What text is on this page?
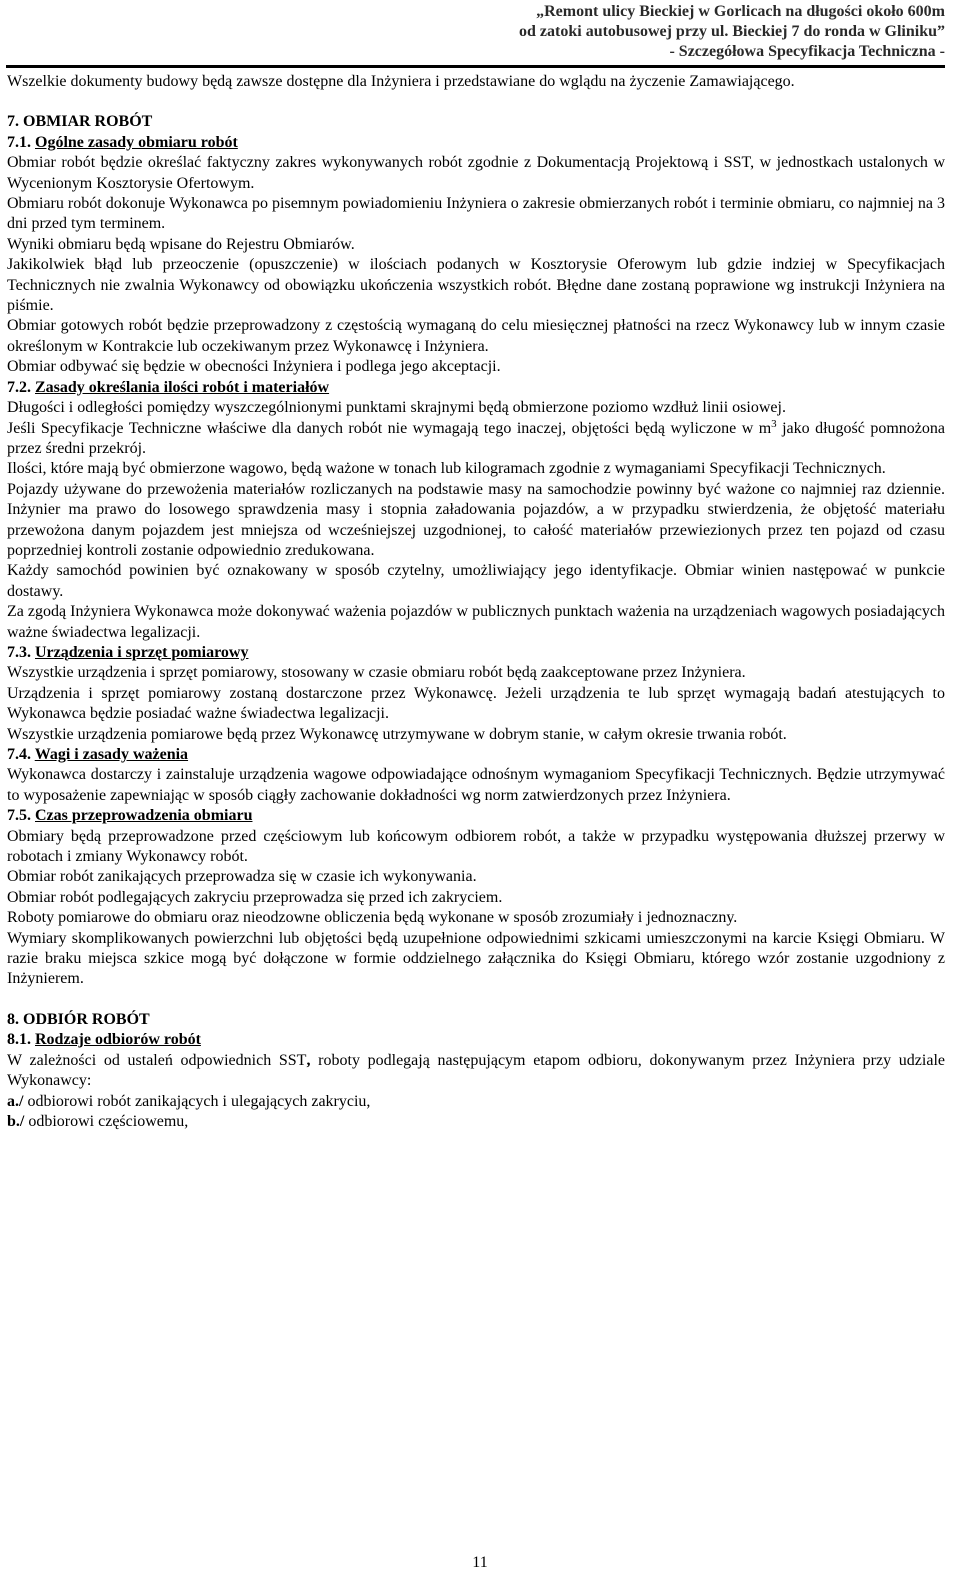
„Remont ulicy Bieckiej w Gorlicach na długości około 600m
od zatoki autobusowej przy ul. Bieckiej 7 do ronda w Gliniku”
- Szczegółowa Specyfikacja Techniczna -

Wszelkie dokumenty budowy będą zawsze dostępne dla Inżyniera i przedstawiane do wglądu na życzenie Zamawiającego.

7. OBMIAR ROBÓT

7.1. Ogólne zasady obmiaru robót

Obmiar robót będzie określać faktyczny zakres wykonywanych robót zgodnie z Dokumentacją Projektową i SST, w jednostkach ustalonych w Wycenionym Kosztorysie Ofertowym.

Obmiaru robót dokonuje Wykonawca po pisemnym powiadomieniu Inżyniera o zakresie obmierzanych robót i terminie obmiaru, co najmniej na 3 dni przed tym terminem.

Wyniki obmiaru będą wpisane do Rejestru Obmiarów.

Jakikolwiek błąd lub przeoczenie (opuszczenie) w ilościach podanych w Kosztorysie Oferowym lub gdzie indziej w Specyfikacjach Technicznych nie zwalnia Wykonawcy od obowiązku ukończenia wszystkich robót. Błędne dane zostaną poprawione wg instrukcji Inżyniera na piśmie.

Obmiar gotowych robót będzie przeprowadzony z częstością wymaganą do celu miesięcznej płatności na rzecz Wykonawcy lub w innym czasie określonym w Kontrakcie lub oczekiwanym przez Wykonawcę i Inżyniera.

Obmiar odbywać się będzie w obecności Inżyniera i podlega jego akceptacji.

7.2. Zasady określania ilości robót i materiałów

Długości i odległości pomiędzy wyszczególnionymi punktami skrajnymi będą obmierzone poziomo wzdłuż linii osiowej.

Jeśli Specyfikacje Techniczne właściwe dla danych robót nie wymagają tego inaczej, objętości będą wyliczone w $m^3$ jako długość pomnożona przez średni przekrój.

Ilości, które mają być obmierzone wagowo, będą ważone w tonach lub kilogramach zgodnie z wymaganiami Specyfikacji Technicznych.

Pojazdy używane do przewożenia materiałów rozliczanych na podstawie masy na samochodzie powinny być ważone co najmniej raz dziennie. Inżynier ma prawo do losowego sprawdzenia masy i stopnia załadowania pojazdów, a w przypadku stwierdzenia, że objętość materiału przewożona danym pojazdem jest mniejsza od wcześniejszej uzgodnionej, to całość materiałów przewiezionych przez ten pojazd od czasu poprzedniej kontroli zostanie odpowiednio zredukowana.

Każdy samochód powinien być oznakowany w sposób czytelny, umożliwiający jego identyfikacje. Obmiar winien następować w punkcie dostawy.

Za zgodą Inżyniera Wykonawca może dokonywać ważenia pojazdów w publicznych punktach ważenia na urządzeniach wagowych posiadających ważne świadectwa legalizacji.

7.3. Urządzenia i sprzęt pomiarowy

Wszystkie urządzenia i sprzęt pomiarowy, stosowany w czasie obmiaru robót będą zaakceptowane przez Inżyniera.

Urządzenia i sprzęt pomiarowy zostaną dostarczone przez Wykonawcę. Jeżeli urządzenia te lub sprzęt wymagają badań atestujących to Wykonawca będzie posiadać ważne świadectwa legalizacji.

Wszystkie urządzenia pomiarowe będą przez Wykonawcę utrzymywane w dobrym stanie, w całym okresie trwania robót.

7.4. Wagi i zasady ważenia

Wykonawca dostarczy i zainstaluje urządzenia wagowe odpowiadające odnośnym wymaganiom Specyfikacji Technicznych. Będzie utrzymywać to wyposażenie zapewniając w sposób ciągły zachowanie dokładności wg norm zatwierdzonych przez Inżyniera.

7.5. Czas przeprowadzenia obmiaru

Obmiary będą przeprowadzone przed częściowym lub końcowym odbiorem robót, a także w przypadku występowania dłuższej przerwy w robotach i zmiany Wykonawcy robót.

Obmiar robót zanikających przeprowadza się w czasie ich wykonywania.

Obmiar robót podlegających zakryciu przeprowadza się przed ich zakryciem.

Roboty pomiarowe do obmiaru oraz nieodzowne obliczenia będą wykonane w sposób zrozumiały i jednoznaczny.

Wymiary skomplikowanych powierzchni lub objętości będą uzupełnione odpowiednimi szkicami umieszczonymi na karcie Księgi Obmiaru. W razie braku miejsca szkice mogą być dołączone w formie oddzielnego załącznika do Księgi Obmiaru, którego wzór zostanie uzgodniony z Inżynierem.

8. ODBIÓR ROBÓT

8.1. Rodzaje odbiorów robót

W zależności od ustaleń odpowiednich SST, roboty podlegają następującym etapom odbioru, dokonywanym przez Inżyniera przy udziale Wykonawcy:

a./ odbiorowi robót zanikających i ulegających zakryciu,

b./ odbiorowi częściowemu,

11
